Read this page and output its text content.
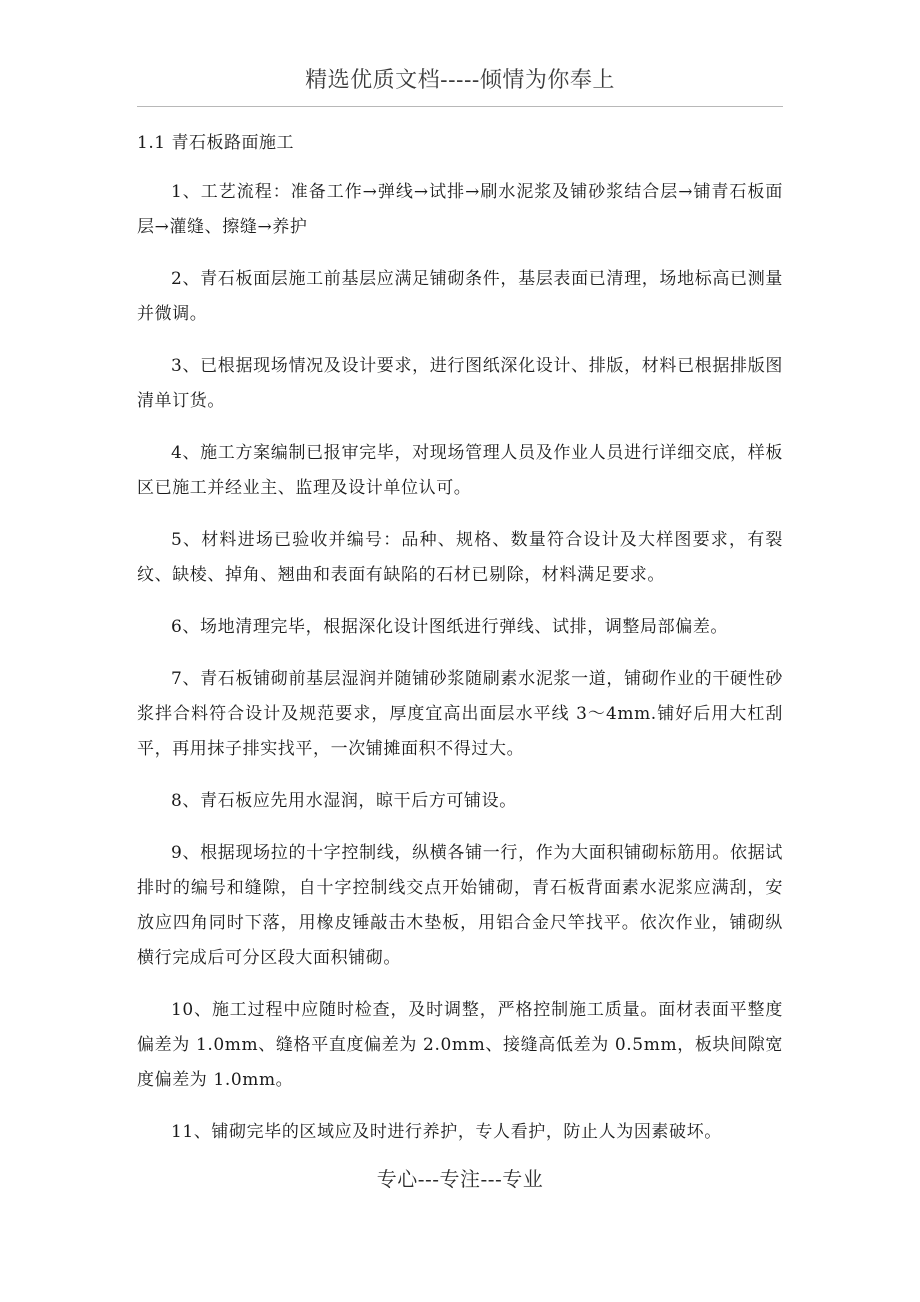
精选优质文档-----倾情为你奉上
1.1 青石板路面施工

1、工艺流程：准备工作→弹线→试排→刷水泥浆及铺砂浆结合层→铺青石板面层→灌缝、擦缝→养护

2、青石板面层施工前基层应满足铺砌条件，基层表面已清理，场地标高已测量并微调。

3、已根据现场情况及设计要求，进行图纸深化设计、排版，材料已根据排版图清单订货。

4、施工方案编制已报审完毕，对现场管理人员及作业人员进行详细交底，样板区已施工并经业主、监理及设计单位认可。

5、材料进场已验收并编号：品种、规格、数量符合设计及大样图要求，有裂纹、缺棱、掉角、翘曲和表面有缺陷的石材已剔除，材料满足要求。

6、场地清理完毕，根据深化设计图纸进行弹线、试排，调整局部偏差。

7、青石板铺砌前基层湿润并随铺砂浆随刷素水泥浆一道，铺砌作业的干硬性砂浆拌合料符合设计及规范要求，厚度宜高出面层水平线 3～4mm.铺好后用大杠刮平，再用抹子排实找平，一次铺摊面积不得过大。

8、青石板应先用水湿润，晾干后方可铺设。

9、根据现场拉的十字控制线，纵横各铺一行，作为大面积铺砌标筋用。依据试排时的编号和缝隙，自十字控制线交点开始铺砌，青石板背面素水泥浆应满刮，安放应四角同时下落，用橡皮锤敲击木垫板，用铝合金尺竿找平。依次作业，铺砌纵横行完成后可分区段大面积铺砌。

10、施工过程中应随时检查，及时调整，严格控制施工质量。面材表面平整度偏差为 1.0mm、缝格平直度偏差为 2.0mm、接缝高低差为 0.5mm，板块间隙宽度偏差为 1.0mm。

11、铺砌完毕的区域应及时进行养护，专人看护，防止人为因素破坏。

专心---专注---专业
